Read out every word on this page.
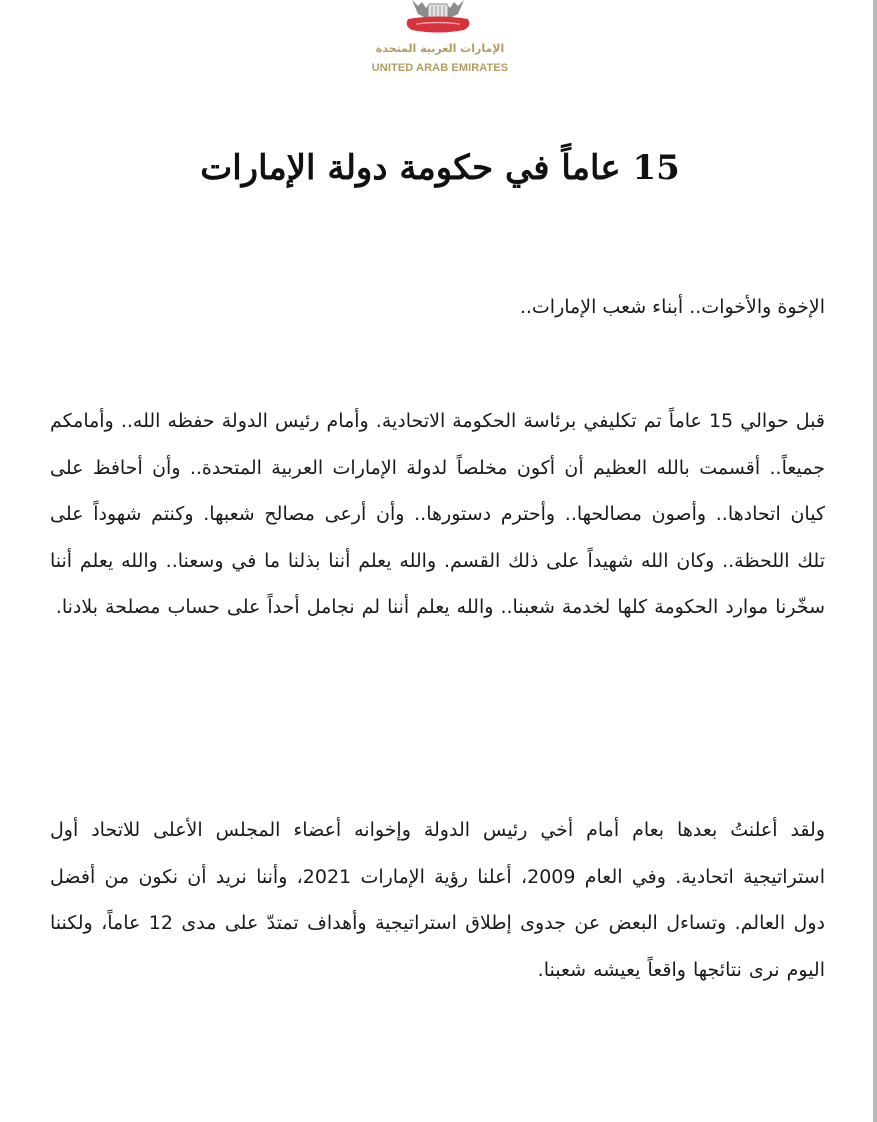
الإمارات العربية المتحدة
UNITED ARAB EMIRATES
15 عاماً في حكومة دولة الإمارات

الإخوة والأخوات.. أبناء شعب الإمارات..

قبل حوالي 15 عاماً تم تكليفي برئاسة الحكومة الاتحادية. وأمام رئيس الدولة حفظه الله.. وأمامكم جميعاً.. أقسمت بالله العظيم أن أكون مخلصاً لدولة الإمارات العربية المتحدة.. وأن أحافظ على كيان اتحادها.. وأصون مصالحها.. وأحترم دستورها.. وأن أرعى مصالح شعبها. وكنتم شهوداً على تلك اللحظة.. وكان الله شهيداً على ذلك القسم. والله يعلم أننا بذلنا ما في وسعنا.. والله يعلم أننا سخّرنا موارد الحكومة كلها لخدمة شعبنا.. والله يعلم أننا لم نجامل أحداً على حساب مصلحة بلادنا.

ولقد أعلنتُ بعدها بعام أمام أخي رئيس الدولة وإخوانه أعضاء المجلس الأعلى للاتحاد أول استراتيجية اتحادية. وفي العام 2009، أعلنا رؤية الإمارات 2021، وأننا نريد أن نكون من أفضل دول العالم. وتساءل البعض عن جدوى إطلاق استراتيجية وأهداف تمتدّ على مدى 12 عاماً، ولكننا اليوم نرى نتائجها واقعاً يعيشه شعبنا.
